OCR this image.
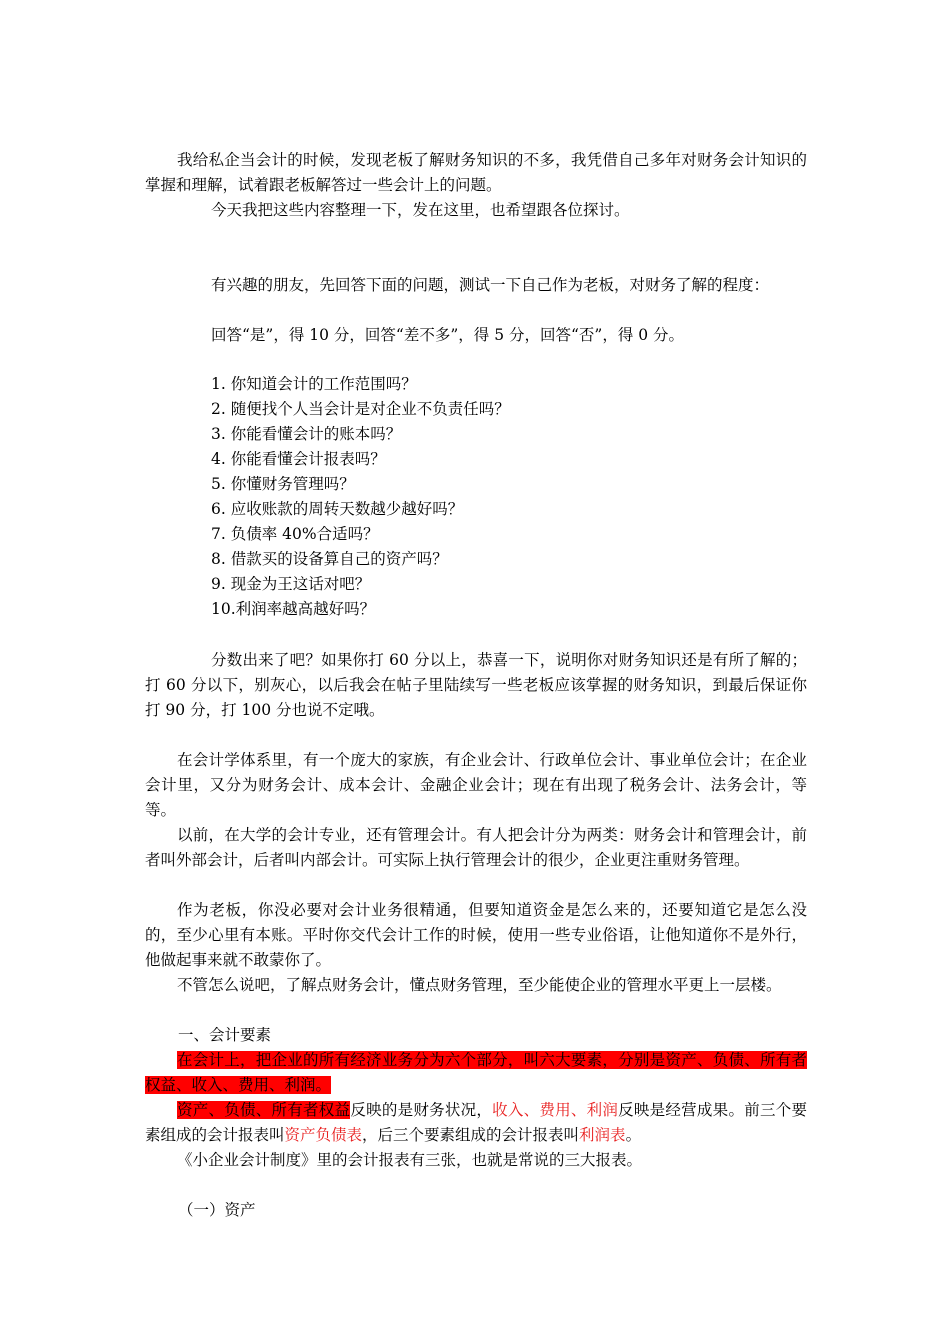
我给私企当会计的时候，发现老板了解财务知识的不多，我凭借自己多年对财务会计知识的掌握和理解，试着跟老板解答过一些会计上的问题。

今天我把这些内容整理一下，发在这里，也希望跟各位探讨。

有兴趣的朋友，先回答下面的问题，测试一下自己作为老板，对财务了解的程度：

回答“是”，得 10 分，回答“差不多”，得 5 分，回答“否”，得 0 分。

1. 你知道会计的工作范围吗？
2. 随便找个人当会计是对企业不负责任吗？
3. 你能看懂会计的账本吗？
4. 你能看懂会计报表吗？
5. 你懂财务管理吗？
6. 应收账款的周转天数越少越好吗？
7. 负债率 40%合适吗？
8. 借款买的设备算自己的资产吗？
9. 现金为王这话对吧？
10.利润率越高越好吗？

分数出来了吧？如果你打 60 分以上，恭喜一下，说明你对财务知识还是有所了解的；打 60 分以下，别灰心，以后我会在帖子里陆续写一些老板应该掌握的财务知识，到最后保证你打 90 分，打 100 分也说不定哦。

在会计学体系里，有一个庞大的家族，有企业会计、行政单位会计、事业单位会计；在企业会计里，又分为财务会计、成本会计、金融企业会计；现在有出现了税务会计、法务会计，等等。

以前，在大学的会计专业，还有管理会计。有人把会计分为两类：财务会计和管理会计，前者叫外部会计，后者叫内部会计。可实际上执行管理会计的很少，企业更注重财务管理。

作为老板，你没必要对会计业务很精通，但要知道资金是怎么来的，还要知道它是怎么没的，至少心里有本账。平时你交代会计工作的时候，使用一些专业俗语，让他知道你不是外行，他做起事来就不敢蒙你了。

不管怎么说吧，了解点财务会计，懂点财务管理，至少能使企业的管理水平更上一层楼。

一、会计要素

在会计上，把企业的所有经济业务分为六个部分，叫六大要素，分别是资产、负债、所有者权益、收入、费用、利润。

资产、负债、所有者权益反映的是财务状况，收入、费用、利润反映是经营成果。前三个要素组成的会计报表叫资产负债表，后三个要素组成的会计报表叫利润表。

《小企业会计制度》里的会计报表有三张，也就是常说的三大报表。

（一）资产
